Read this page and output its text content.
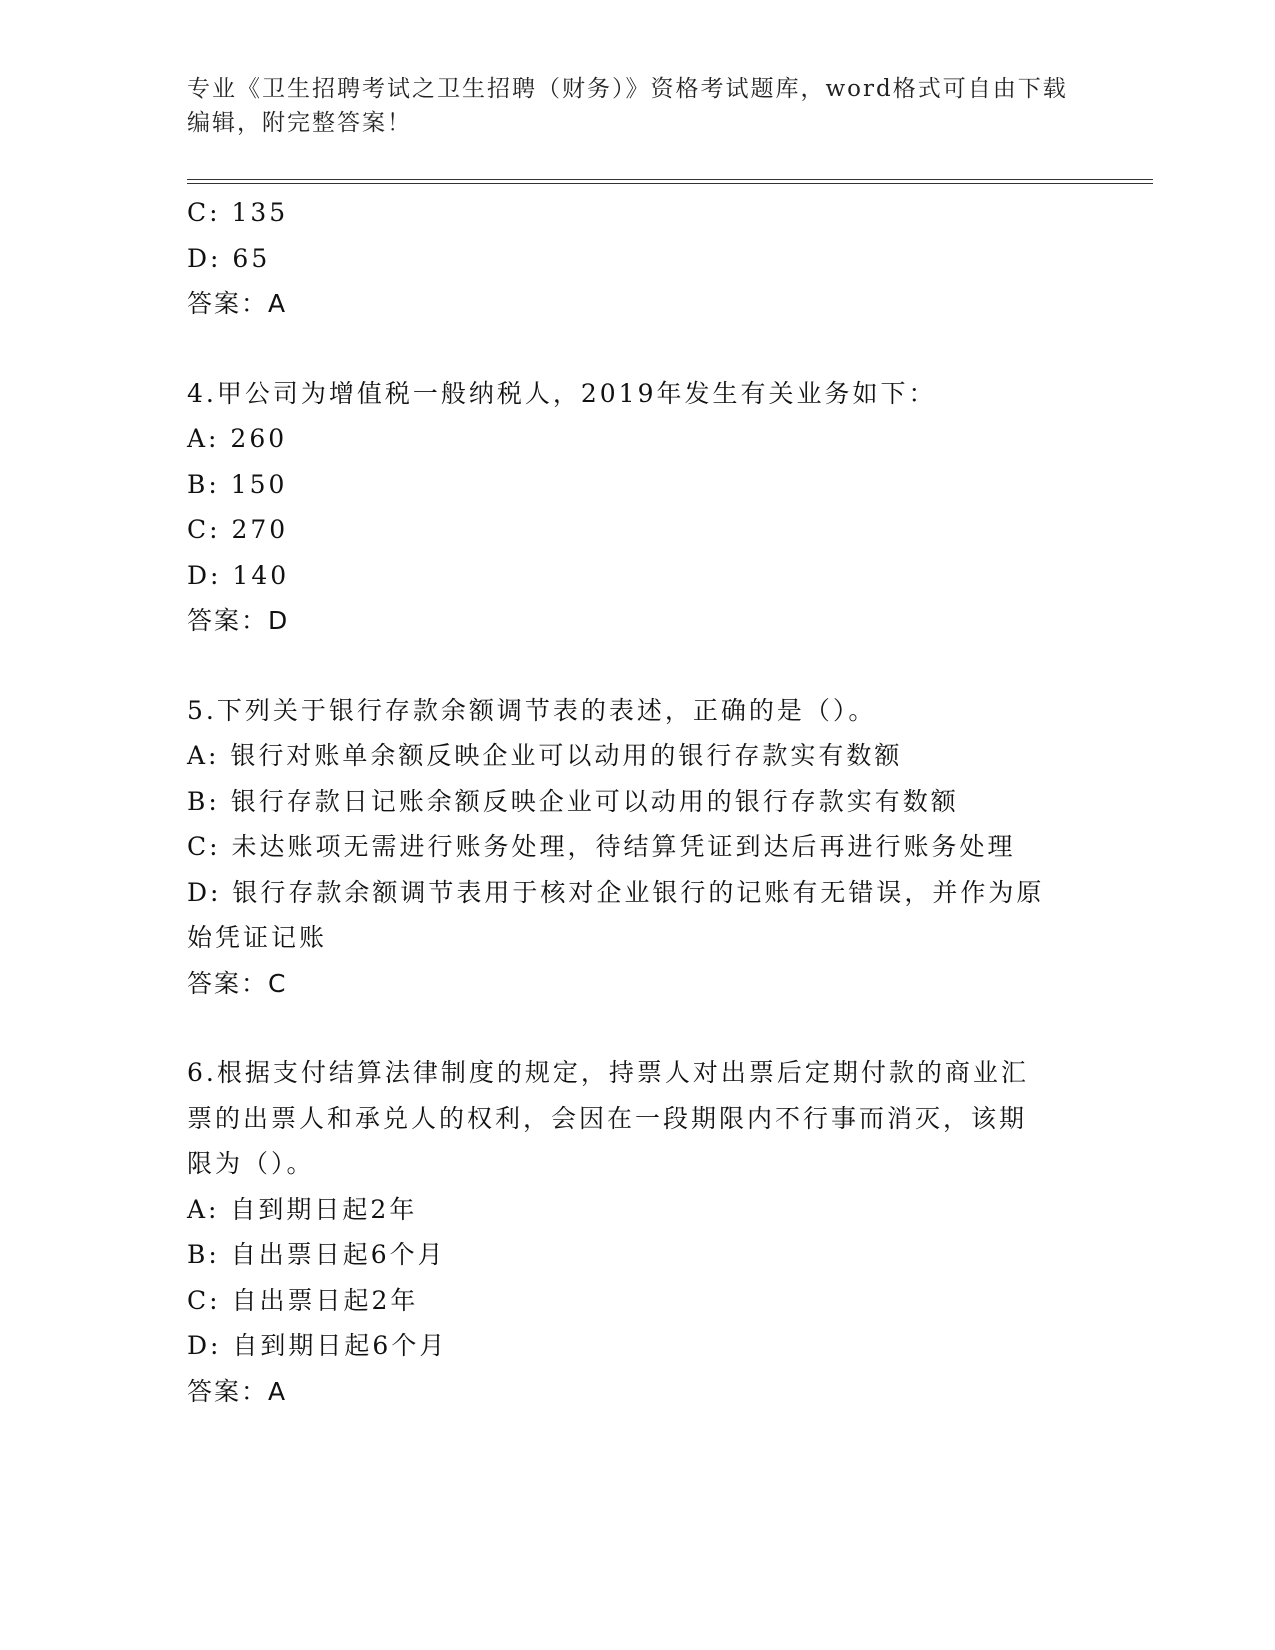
专业《卫生招聘考试之卫生招聘（财务）》资格考试题库，word格式可自由下载
编辑，附完整答案！
C: 135
D: 65
答案：A
4.甲公司为增值税一般纳税人，2019年发生有关业务如下：
A: 260
B: 150
C: 270
D: 140
答案：D
5.下列关于银行存款余额调节表的表述，正确的是（）。
A: 银行对账单余额反映企业可以动用的银行存款实有数额
B: 银行存款日记账余额反映企业可以动用的银行存款实有数额
C: 未达账项无需进行账务处理，待结算凭证到达后再进行账务处理
D: 银行存款余额调节表用于核对企业银行的记账有无错误，并作为原
始凭证记账
答案：C
6.根据支付结算法律制度的规定，持票人对出票后定期付款的商业汇
票的出票人和承兑人的权利，会因在一段期限内不行事而消灭，该期
限为（）。
A: 自到期日起2年
B: 自出票日起6个月
C: 自出票日起2年
D: 自到期日起6个月
答案：A
